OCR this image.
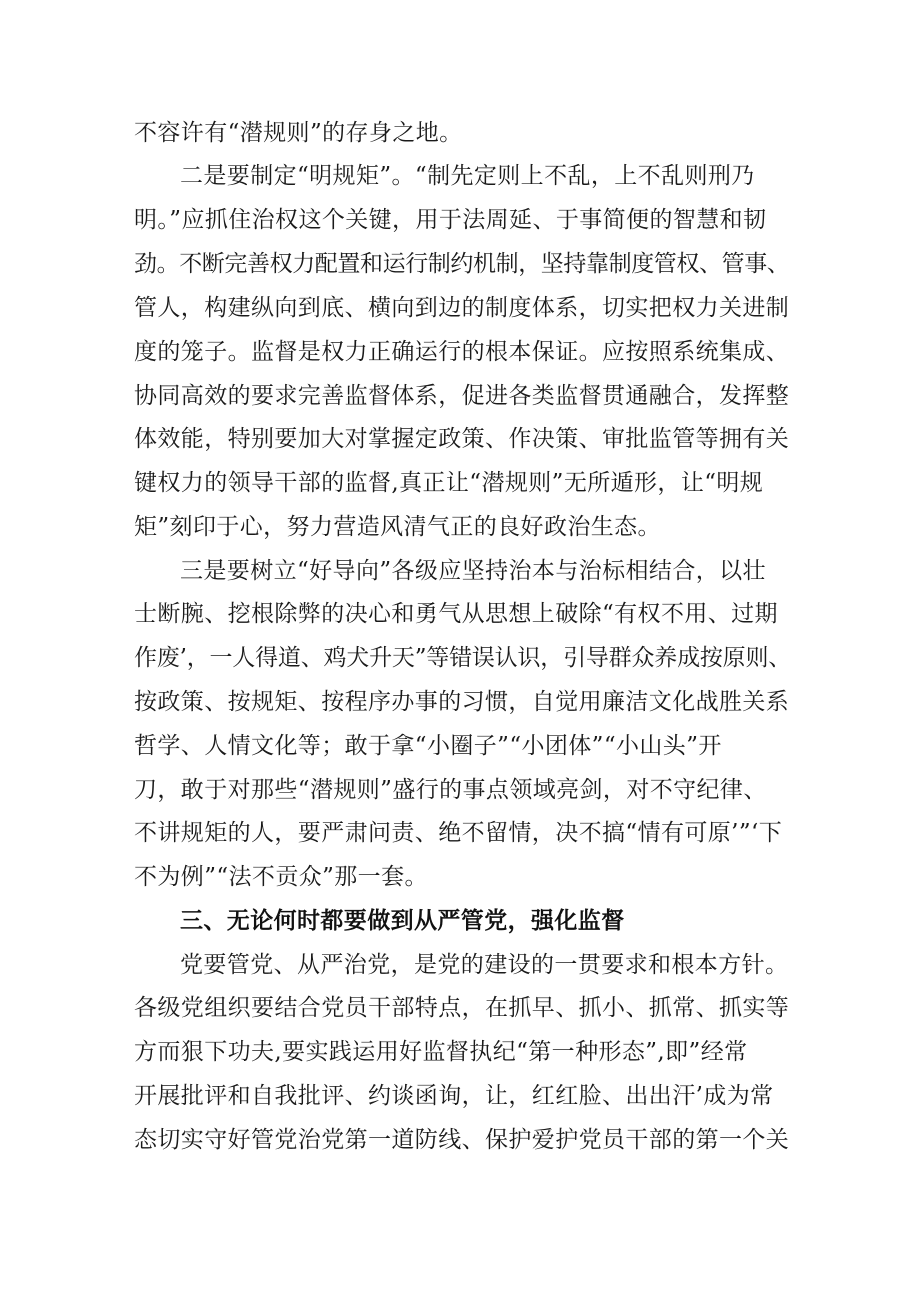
不容许有“潜规则”的存身之地。
二是要制定“明规矩”。“制先定则上不乱，上不乱则刑乃
明。”应抓住治权这个关键，用于法周延、于事简便的智慧和韧
劲。不断完善权力配置和运行制约机制，坚持靠制度管权、管事、
管人，构建纵向到底、横向到边的制度体系，切实把权力关进制
度的笼子。监督是权力正确运行的根本保证。应按照系统集成、
协同高效的要求完善监督体系，促进各类监督贯通融合，发挥整
体效能，特别要加大对掌握定政策、作决策、审批监管等拥有关
键权力的领导干部的监督,真正让“潜规则”无所遁形，让“明规
矩”刻印于心，努力营造风清气正的良好政治生态。
三是要树立“好导向”各级应坚持治本与治标相结合，以壮
士断腕、挖根除弊的决心和勇气从思想上破除“有权不用、过期
作废’，一人得道、鸡犬升天”等错误认识，引导群众养成按原则、
按政策、按规矩、按程序办事的习惯，自觉用廉洁文化战胜关系
哲学、人情文化等；敢于拿“小圈子”“小团体”“小山头”开
刀，敢于对那些“潜规则”盛行的事点领域亮剑，对不守纪律、
不讲规矩的人，要严肃问责、绝不留情，决不搞“情有可原’”‘下
不为例”“法不贡众”那一套。
三、无论何时都要做到从严管党，强化监督
党要管党、从严治党，是党的建设的一贯要求和根本方针。
各级党组织要结合党员干部特点，在抓早、抓小、抓常、抓实等
方而狠下功夫,要实践运用好监督执纪“第一种形态”,即”经常
开展批评和自我批评、约谈函询，让，红红脸、出出汗’成为常
态切实守好管党治党第一道防线、保护爱护党员干部的第一个关
